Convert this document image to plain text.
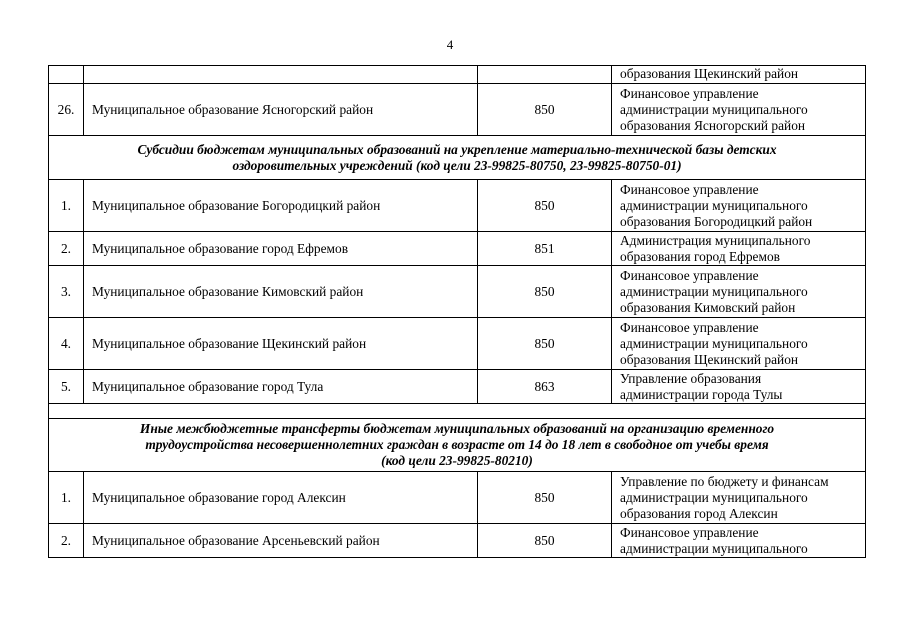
4
			образования Щекинский район
26.	Муниципальное образование Ясногорский район	850	Финансовое управление
администрации муниципального
образования Ясногорский район
Субсидии бюджетам муниципальных образований на укрепление материально-технической базы детских
оздоровительных учреждений (код цели 23-99825-80750, 23-99825-80750-01)			
1.	Муниципальное образование Богородицкий район	850	Финансовое управление
администрации муниципального
образования Богородицкий район
2.	Муниципальное образование город Ефремов	851	Администрация муниципального
образования город Ефремов
3.	Муниципальное образование Кимовский район	850	Финансовое управление
администрации муниципального
образования Кимовский район
4.	Муниципальное образование Щекинский район	850	Финансовое управление
администрации муниципального
образования Щекинский район
5.	Муниципальное образование город Тула	863	Управление образования
администрации города Тулы

Иные межбюджетные трансферты бюджетам муниципальных образований на организацию временного
трудоустройства несовершеннолетних граждан в возрасте от 14 до 18 лет в свободное от учебы время
(код цели 23-99825-80210)			
1.	Муниципальное образование город Алексин	850	Управление по бюджету и финансам
администрации муниципального
образования город Алексин
2.	Муниципальное образование Арсеньевский район	850	Финансовое управление
администрации муниципального
